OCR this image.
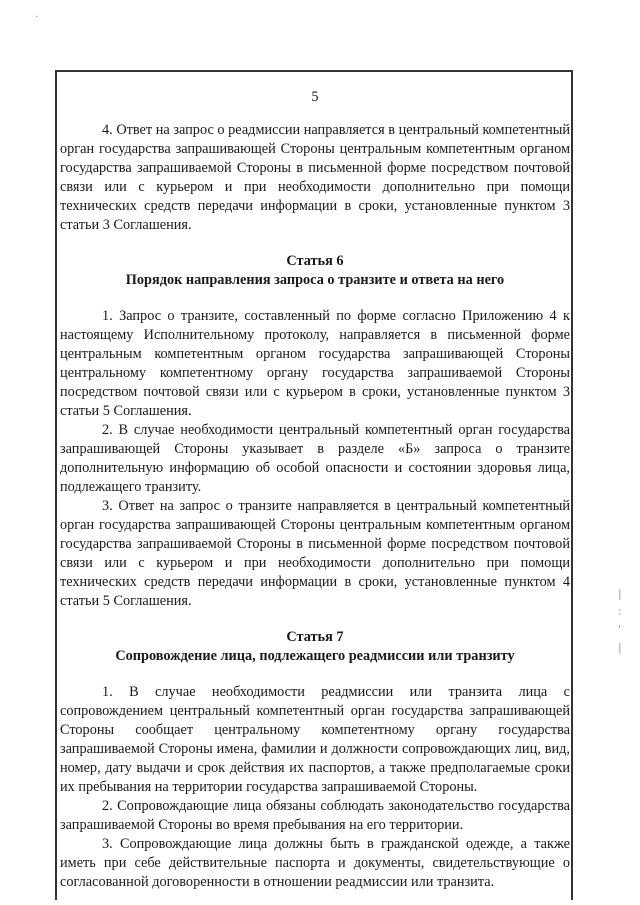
·
5

4. Ответ на запрос о реадмиссии направляется в центральный компетентный орган государства запрашивающей Стороны центральным компетентным органом государства запрашиваемой Стороны в письменной форме посредством почтовой связи или с курьером и при необходимости дополнительно при помощи технических средств передачи информации в сроки, установленные пунктом 3 статьи 3 Соглашения.

Статья 6
Порядок направления запроса о транзите и ответа на него

1. Запрос о транзите, составленный по форме согласно Приложению 4 к настоящему Исполнительному протоколу, направляется в письменной форме центральным компетентным органом государства запрашивающей Стороны центральному компетентному органу государства запрашиваемой Стороны посредством почтовой связи или с курьером в сроки, установленные пунктом 3 статьи 5 Соглашения.

2. В случае необходимости центральный компетентный орган государства запрашивающей Стороны указывает в разделе «Б» запроса о транзите дополнительную информацию об особой опасности и состоянии здоровья лица, подлежащего транзиту.

3. Ответ на запрос о транзите направляется в центральный компетентный орган государства запрашивающей Стороны центральным компетентным органом государства запрашиваемой Стороны в письменной форме посредством почтовой связи или с курьером и при необходимости дополнительно при помощи технических средств передачи информации в сроки, установленные пунктом 4 статьи 5 Соглашения.

Статья 7
Сопровождение лица, подлежащего реадмиссии или транзиту

1. В случае необходимости реадмиссии или транзита лица с сопровождением центральный компетентный орган государства запрашивающей Стороны сообщает центральному компетентному органу государства запрашиваемой Стороны имена, фамилии и должности сопровождающих лиц, вид, номер, дату выдачи и срок действия их паспортов, а также предполагаемые сроки их пребывания на территории государства запрашиваемой Стороны.

2. Сопровождающие лица обязаны соблюдать законодательство государства запрашиваемой Стороны во время пребывания на его территории.

3. Сопровождающие лица должны быть в гражданской одежде, а также иметь при себе действительные паспорта и документы, свидетельствующие о согласованной договоренности в отношении реадмиссии или транзита.

|
:
'
|
